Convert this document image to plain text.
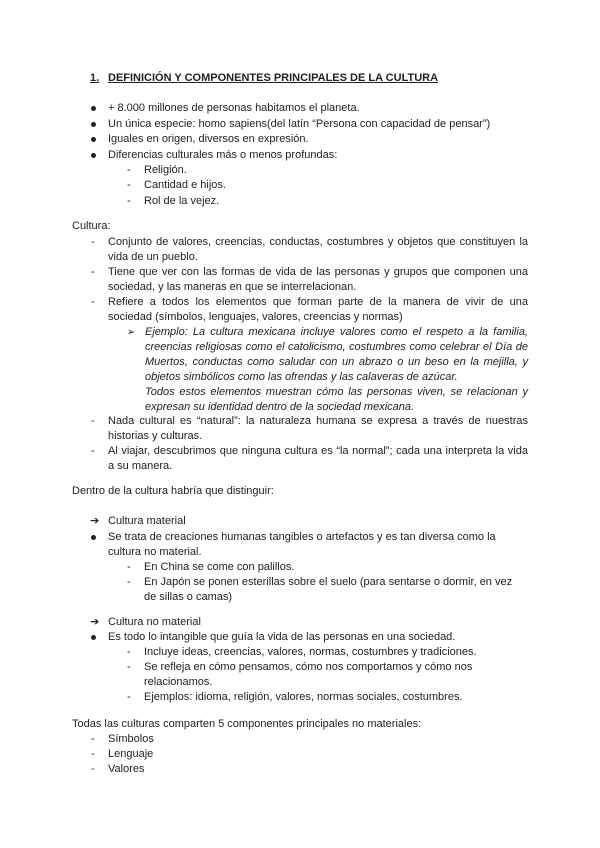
1. DEFINICIÓN Y COMPONENTES PRINCIPALES DE LA CULTURA
+ 8.000 millones de personas habitamos el planeta.
Un única especie: homo sapiens(del latín “Persona con capacidad de pensar”)
Iguales en origen, diversos en expresión.
Diferencias culturales más o menos profundas:
- Religión.
- Cantidad e hijos.
- Rol de la vejez.
Cultura:
- Conjunto de valores, creencias, conductas, costumbres y objetos que constituyen la
vida de un pueblo.
- Tiene que ver con las formas de vida de las personas y grupos que componen una
sociedad, y las maneras en que se interrelacionan.
- Refiere a todos los elementos que forman parte de la manera de vivir de una
sociedad (símbolos, lenguajes, valores, creencias y normas)
➢ Ejemplo: La cultura mexicana incluye valores como el respeto a la familia,
creencias religiosas como el catolicismo, costumbres como celebrar el Día de
Muertos, conductas como saludar con un abrazo o un beso en la mejilla, y
objetos simbólicos como las ofrendas y las calaveras de azúcar.
Todos estos elementos muestran cómo las personas viven, se relacionan y
expresan su identidad dentro de la sociedad mexicana.
- Nada cultural es “natural”: la naturaleza humana se expresa a través de nuestras
historias y culturas.
- Al viajar, descubrimos que ninguna cultura es “la normal”; cada una interpreta la vida
a su manera.
Dentro de la cultura habría que distinguir:
➔ Cultura material
Se trata de creaciones humanas tangibles o artefactos y es tan diversa como la
cultura no material.
- En China se come con palillos.
- En Japón se ponen esterillas sobre el suelo (para sentarse o dormir, en vez
de sillas o camas)
➔ Cultura no material
Es todo lo intangible que guía la vida de las personas en una sociedad.
- Incluye ideas, creencias, valores, normas, costumbres y tradiciones.
- Se refleja en cómo pensamos, cómo nos comportamos y cómo nos
relacionamos.
- Ejemplos: idioma, religión, valores, normas sociales, costumbres.
Todas las culturas comparten 5 componentes principales no materiales:
- Símbolos
- Lenguaje
- Valores
